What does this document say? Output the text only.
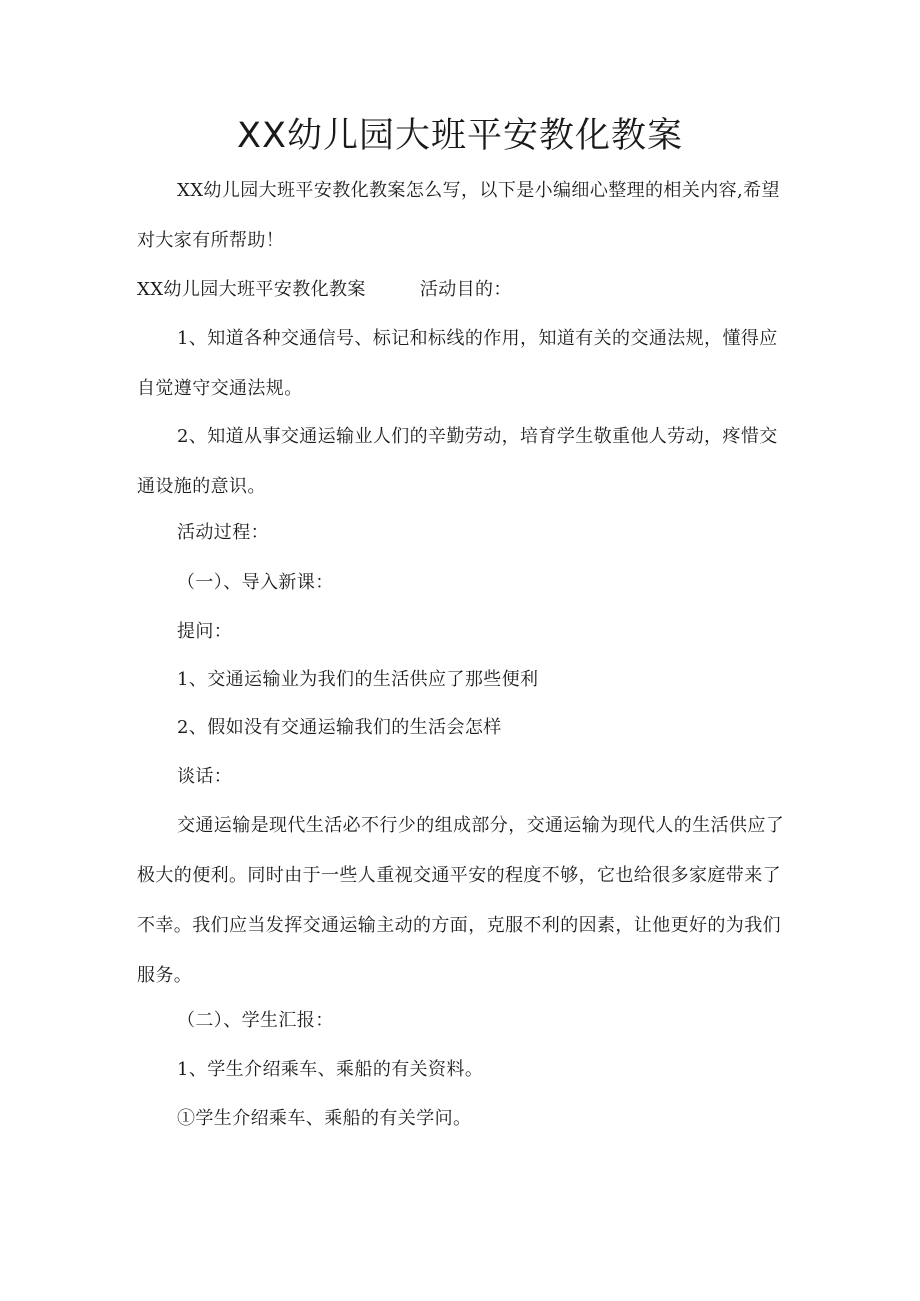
XX幼儿园大班平安教化教案

XX幼儿园大班平安教化教案怎么写，以下是小编细心整理的相关内容,希望对大家有所帮助！

XX幼儿园大班平安教化教案	活动目的：

1、知道各种交通信号、标记和标线的作用，知道有关的交通法规，懂得应自觉遵守交通法规。

2、知道从事交通运输业人们的辛勤劳动，培育学生敬重他人劳动，疼惜交通设施的意识。

活动过程：

（一）、导入新课：

提问：

1、交通运输业为我们的生活供应了那些便利

2、假如没有交通运输我们的生活会怎样

谈话：

交通运输是现代生活必不行少的组成部分，交通运输为现代人的生活供应了极大的便利。同时由于一些人重视交通平安的程度不够，它也给很多家庭带来了不幸。我们应当发挥交通运输主动的方面，克服不利的因素，让他更好的为我们服务。

（二）、学生汇报：

1、学生介绍乘车、乘船的有关资料。

①学生介绍乘车、乘船的有关学问。
